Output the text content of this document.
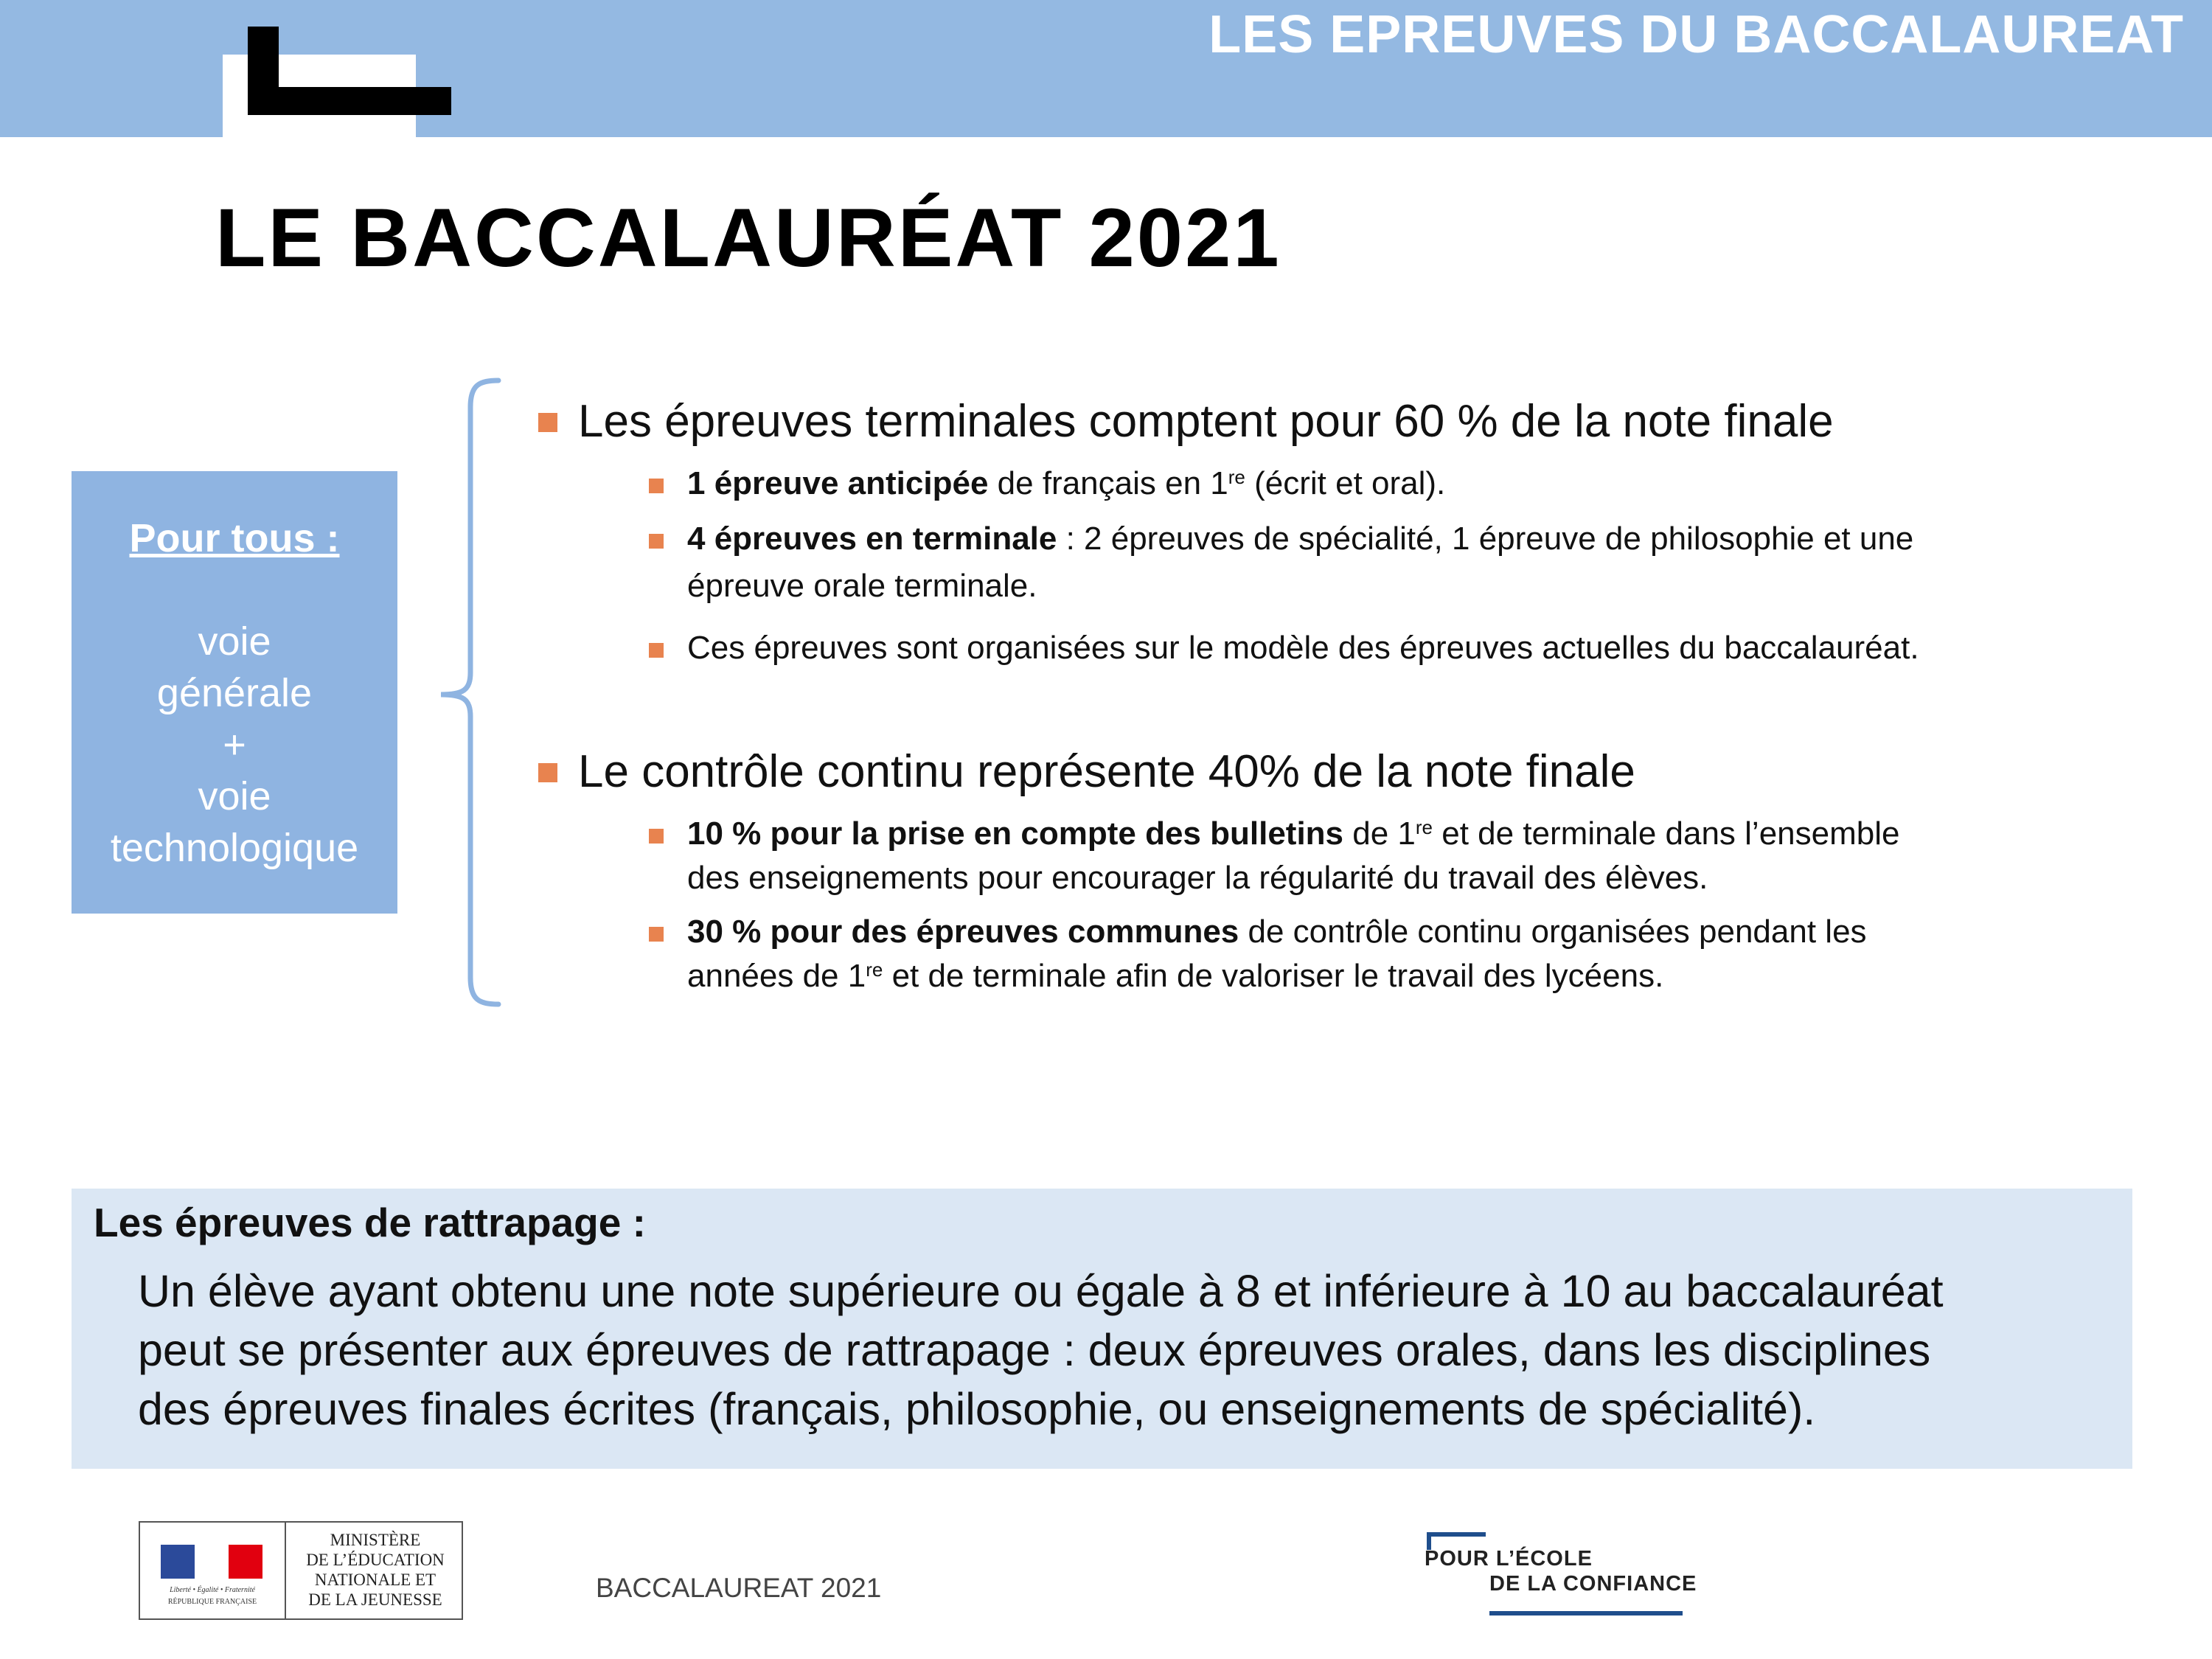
LES EPREUVES DU BACCALAUREAT
LE BACCALAURÉAT 2021
Pour tous :
voie
générale
+
voie
technologique
Les épreuves terminales comptent pour 60 % de la note finale
1 épreuve anticipée de français en 1re (écrit et oral).
4 épreuves en terminale : 2 épreuves de spécialité, 1 épreuve de philosophie et une
épreuve orale terminale.
Ces épreuves sont organisées sur le modèle des épreuves actuelles du baccalauréat.
Le contrôle continu représente 40% de la note finale
10 % pour la prise en compte des bulletins de 1re et de terminale dans l’ensemble
des enseignements pour encourager la régularité du travail des élèves.
30 % pour des épreuves communes de contrôle continu organisées pendant les
années de 1re et de terminale afin de valoriser le travail des lycéens.
Les épreuves de rattrapage :
Un élève ayant obtenu une note supérieure ou égale à 8 et inférieure à 10 au baccalauréat
peut se présenter aux épreuves de rattrapage : deux épreuves orales, dans les disciplines
des épreuves finales écrites (français, philosophie, ou enseignements de spécialité).
Liberté • Égalité • Fraternité
RÉPUBLIQUE FRANÇAISE
MINISTÈRE
DE L’ÉDUCATION
NATIONALE ET
DE LA JEUNESSE	BACCALAUREAT 2021
POUR L’ÉCOLE
DE LA CONFIANCE
